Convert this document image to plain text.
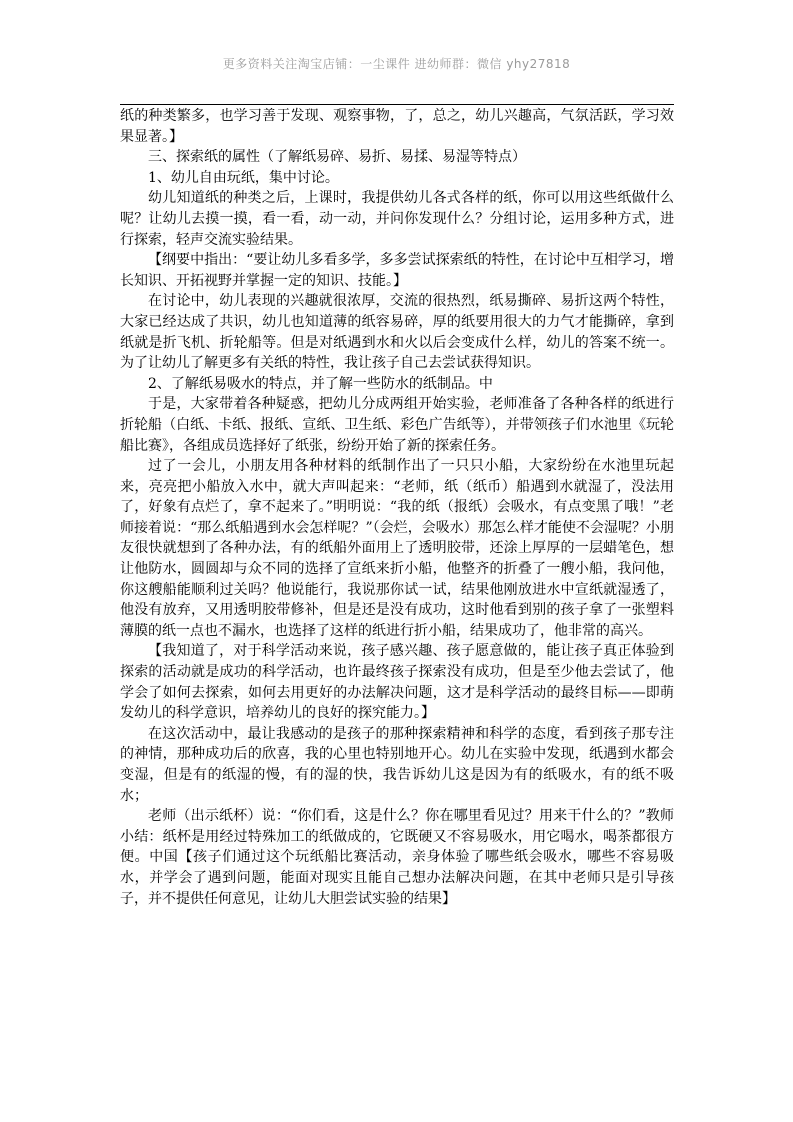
更多资料关注淘宝店铺：一尘课件 进幼师群：微信 yhy27818

纸的种类繁多，也学习善于发现、观察事物，了，总之，幼儿兴趣高，气氛活跃，学习效果显著。】

三、探索纸的属性（了解纸易碎、易折、易揉、易湿等特点）

1、幼儿自由玩纸，集中讨论。

幼儿知道纸的种类之后，上课时，我提供幼儿各式各样的纸，你可以用这些纸做什么呢？让幼儿去摸一摸，看一看，动一动，并问你发现什么？分组讨论，运用多种方式，进行探索，轻声交流实验结果。

【纲要中指出：“要让幼儿多看多学，多多尝试探索纸的特性，在讨论中互相学习，增长知识、开拓视野并掌握一定的知识、技能。】

在讨论中，幼儿表现的兴趣就很浓厚，交流的很热烈，纸易撕碎、易折这两个特性，大家已经达成了共识，幼儿也知道薄的纸容易碎，厚的纸要用很大的力气才能撕碎，拿到纸就是折飞机、折轮船等。但是对纸遇到水和火以后会变成什么样，幼儿的答案不统一。为了让幼儿了解更多有关纸的特性，我让孩子自己去尝试获得知识。

2、了解纸易吸水的特点，并了解一些防水的纸制品。中

于是，大家带着各种疑惑，把幼儿分成两组开始实验，老师准备了各种各样的纸进行折轮船（白纸、卡纸、报纸、宣纸、卫生纸、彩色广告纸等），并带领孩子们水池里《玩轮船比赛》，各组成员选择好了纸张，纷纷开始了新的探索任务。

过了一会儿，小朋友用各种材料的纸制作出了一只只小船，大家纷纷在水池里玩起来，亮亮把小船放入水中，就大声叫起来：“老师，纸（纸币）船遇到水就湿了，没法用了，好象有点烂了，拿不起来了。”明明说：“我的纸（报纸）会吸水，有点变黑了哦！”老师接着说：“那么纸船遇到水会怎样呢？”（会烂，会吸水）那怎么样才能使不会湿呢？小朋友很快就想到了各种办法，有的纸船外面用上了透明胶带，还涂上厚厚的一层蜡笔色，想让他防水，圆圆却与众不同的选择了宣纸来折小船，他整齐的折叠了一艘小船，我问他，你这艘船能顺利过关吗？他说能行，我说那你试一试，结果他刚放进水中宣纸就湿透了，他没有放弃，又用透明胶带修补，但是还是没有成功，这时他看到别的孩子拿了一张塑料薄膜的纸一点也不漏水，也选择了这样的纸进行折小船，结果成功了，他非常的高兴。

【我知道了，对于科学活动来说，孩子感兴趣、孩子愿意做的，能让孩子真正体验到探索的活动就是成功的科学活动，也许最终孩子探索没有成功，但是至少他去尝试了，他学会了如何去探索，如何去用更好的办法解决问题，这才是科学活动的最终目标——即萌发幼儿的科学意识，培养幼儿的良好的探究能力。】

在这次活动中，最让我感动的是孩子的那种探索精神和科学的态度，看到孩子那专注的神情，那种成功后的欣喜，我的心里也特别地开心。幼儿在实验中发现，纸遇到水都会变湿，但是有的纸湿的慢，有的湿的快，我告诉幼儿这是因为有的纸吸水，有的纸不吸水；

老师（出示纸杯）说：“你们看，这是什么？你在哪里看见过？用来干什么的？”教师小结：纸杯是用经过特殊加工的纸做成的，它既硬又不容易吸水，用它喝水，喝茶都很方便。中国【孩子们通过这个玩纸船比赛活动，亲身体验了哪些纸会吸水，哪些不容易吸水，并学会了遇到问题，能面对现实且能自己想办法解决问题，在其中老师只是引导孩子，并不提供任何意见，让幼儿大胆尝试实验的结果】
